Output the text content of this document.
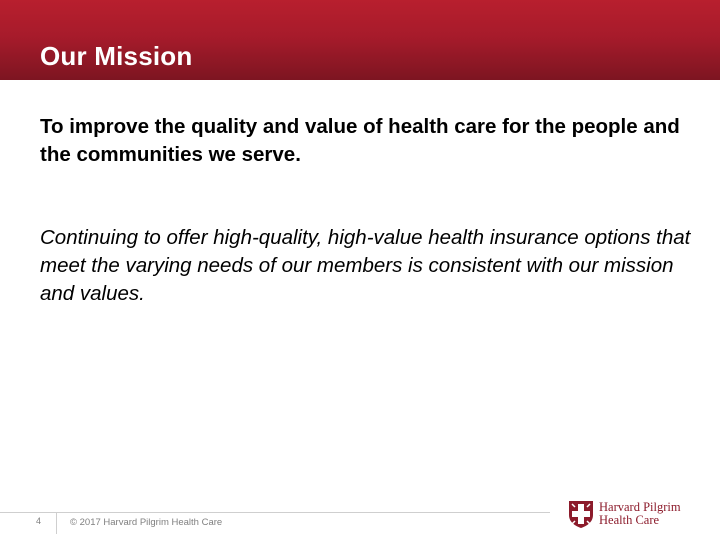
Our Mission
To improve the quality and value of health care for the people and the communities we serve.
Continuing to offer high-quality, high-value health insurance options that meet the varying needs of our members is consistent with our mission and values.
4	© 2017 Harvard Pilgrim Health Care
Harvard Pilgrim
Health Care
